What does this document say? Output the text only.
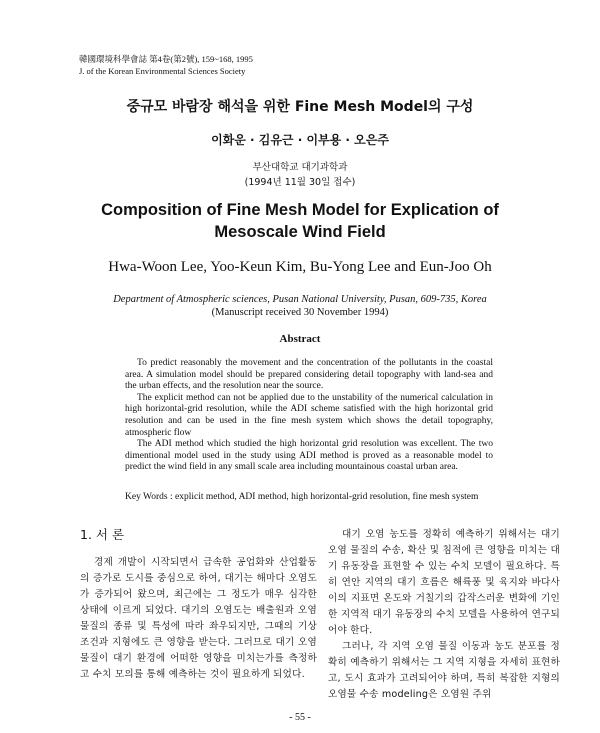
韓國環境科學會誌 第4卷(第2號), 159~168, 1995
J. of the Korean Environmental Sciences Society
중규모 바람장 해석을 위한 Fine Mesh Model의 구성
이화운 · 김유근 · 이부용 · 오은주
부산대학교 대기과학과
(1994년 11월 30일 접수)
Composition of Fine Mesh Model for Explication of
Mesoscale Wind Field
Hwa-Woon Lee, Yoo-Keun Kim, Bu-Yong Lee and Eun-Joo Oh
Department of Atmospheric sciences, Pusan National University, Pusan, 609-735, Korea
(Manuscript received 30 November 1994)
Abstract

To predict reasonably the movement and the concentration of the pollutants in the coastal area. A simulation model should be prepared considering detail topography with land-sea and the urban effects, and the resolution near the source.

The explicit method can not be applied due to the unstability of the numerical calculation in high horizontal-grid resolution, while the ADI scheme satisfied with the high horizontal grid resolution and can be used in the fine mesh system which shows the detail topography, atmospheric flow

The ADI method which studied the high horizontal grid resolution was excellent. The two dimentional model used in the study using ADI method is proved as a reasonable model to predict the wind field in any small scale area including mountainous coastal urban area.

Key Words : explicit method, ADI method, high horizontal-grid resolution, fine mesh system
1. 서 론

경제 개발이 시작되면서 급속한 공업화와 산업활동의 증가로 도시를 중심으로 하여, 대기는 해마다 오염도가 증가되어 왔으며, 최근에는 그 정도가 매우 심각한 상태에 이르게 되었다. 대기의 오염도는 배출원과 오염 물질의 종류 및 특성에 따라 좌우되지만, 그때의 기상 조건과 지형에도 큰 영향을 받는다. 그러므로 대기 오염 물질이 대기 환경에 어떠한 영향을 미치는가를 측정하고 수치 모의를 통해 예측하는 것이 필요하게 되었다.

대기 오염 농도를 정확히 예측하기 위해서는 대기 오염 물질의 수송, 확산 및 침적에 큰 영향을 미치는 대기 유동장을 표현할 수 있는 수치 모델이 필요하다. 특히 연안 지역의 대기 흐름은 해륙풍 및 육지와 바다사이의 지표면 온도와 거칠기의 갑작스러운 변화에 기인한 지역적 대기 유동장의 수치 모델을 사용하여 연구되어야 한다.

그러나, 각 지역 오염 물질 이동과 농도 분포를 정확히 예측하기 위해서는 그 지역 지형을 자세히 표현하고, 도시 효과가 고려되어야 하며, 특히 복잡한 지형의 오염물 수송 modeling은 오염원 주위

- 55 -
